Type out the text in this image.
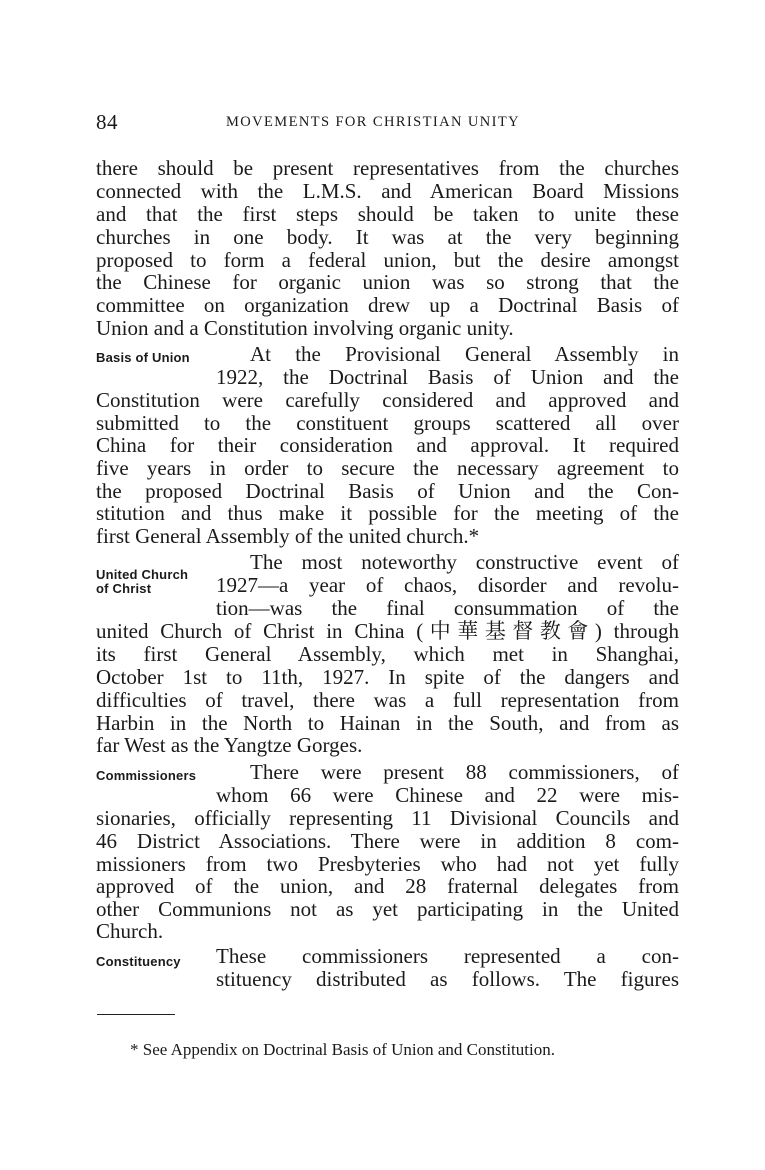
84	MOVEMENTS FOR CHRISTIAN UNITY
there should be present representatives from the churches
connected with the L.M.S. and American Board Missions
and that the first steps should be taken to unite these
churches in one body. It was at the very beginning
proposed to form a federal union, but the desire amongst
the Chinese for organic union was so strong that the
committee on organization drew up a Doctrinal Basis of
Union and a Constitution involving organic unity.
Basis of Union	At the Provisional General Assembly in
1922, the Doctrinal Basis of Union and the
Constitution were carefully considered and approved and
submitted to the constituent groups scattered all over
China for their consideration and approval. It required
five years in order to secure the necessary agreement to
the proposed Doctrinal Basis of Union and the Con-
stitution and thus make it possible for the meeting of the
first General Assembly of the united church.*
United Church
of Christ
The most noteworthy constructive event of
1927—a year of chaos, disorder and revolu-
tion—was the final consummation of the
united Church of Christ in China (中華基督教會) through
its first General Assembly, which met in Shanghai,
October 1st to 11th, 1927. In spite of the dangers and
difficulties of travel, there was a full representation from
Harbin in the North to Hainan in the South, and from as
far West as the Yangtze Gorges.
Commissioners	There were present 88 commissioners, of
whom 66 were Chinese and 22 were mis-
sionaries, officially representing 11 Divisional Councils and
46 District Associations. There were in addition 8 com-
missioners from two Presbyteries who had not yet fully
approved of the union, and 28 fraternal delegates from
other Communions not as yet participating in the United
Church.
Constituency These commissioners represented a con-
stituency distributed as follows. The figures
* See Appendix on Doctrinal Basis of Union and Constitution.
